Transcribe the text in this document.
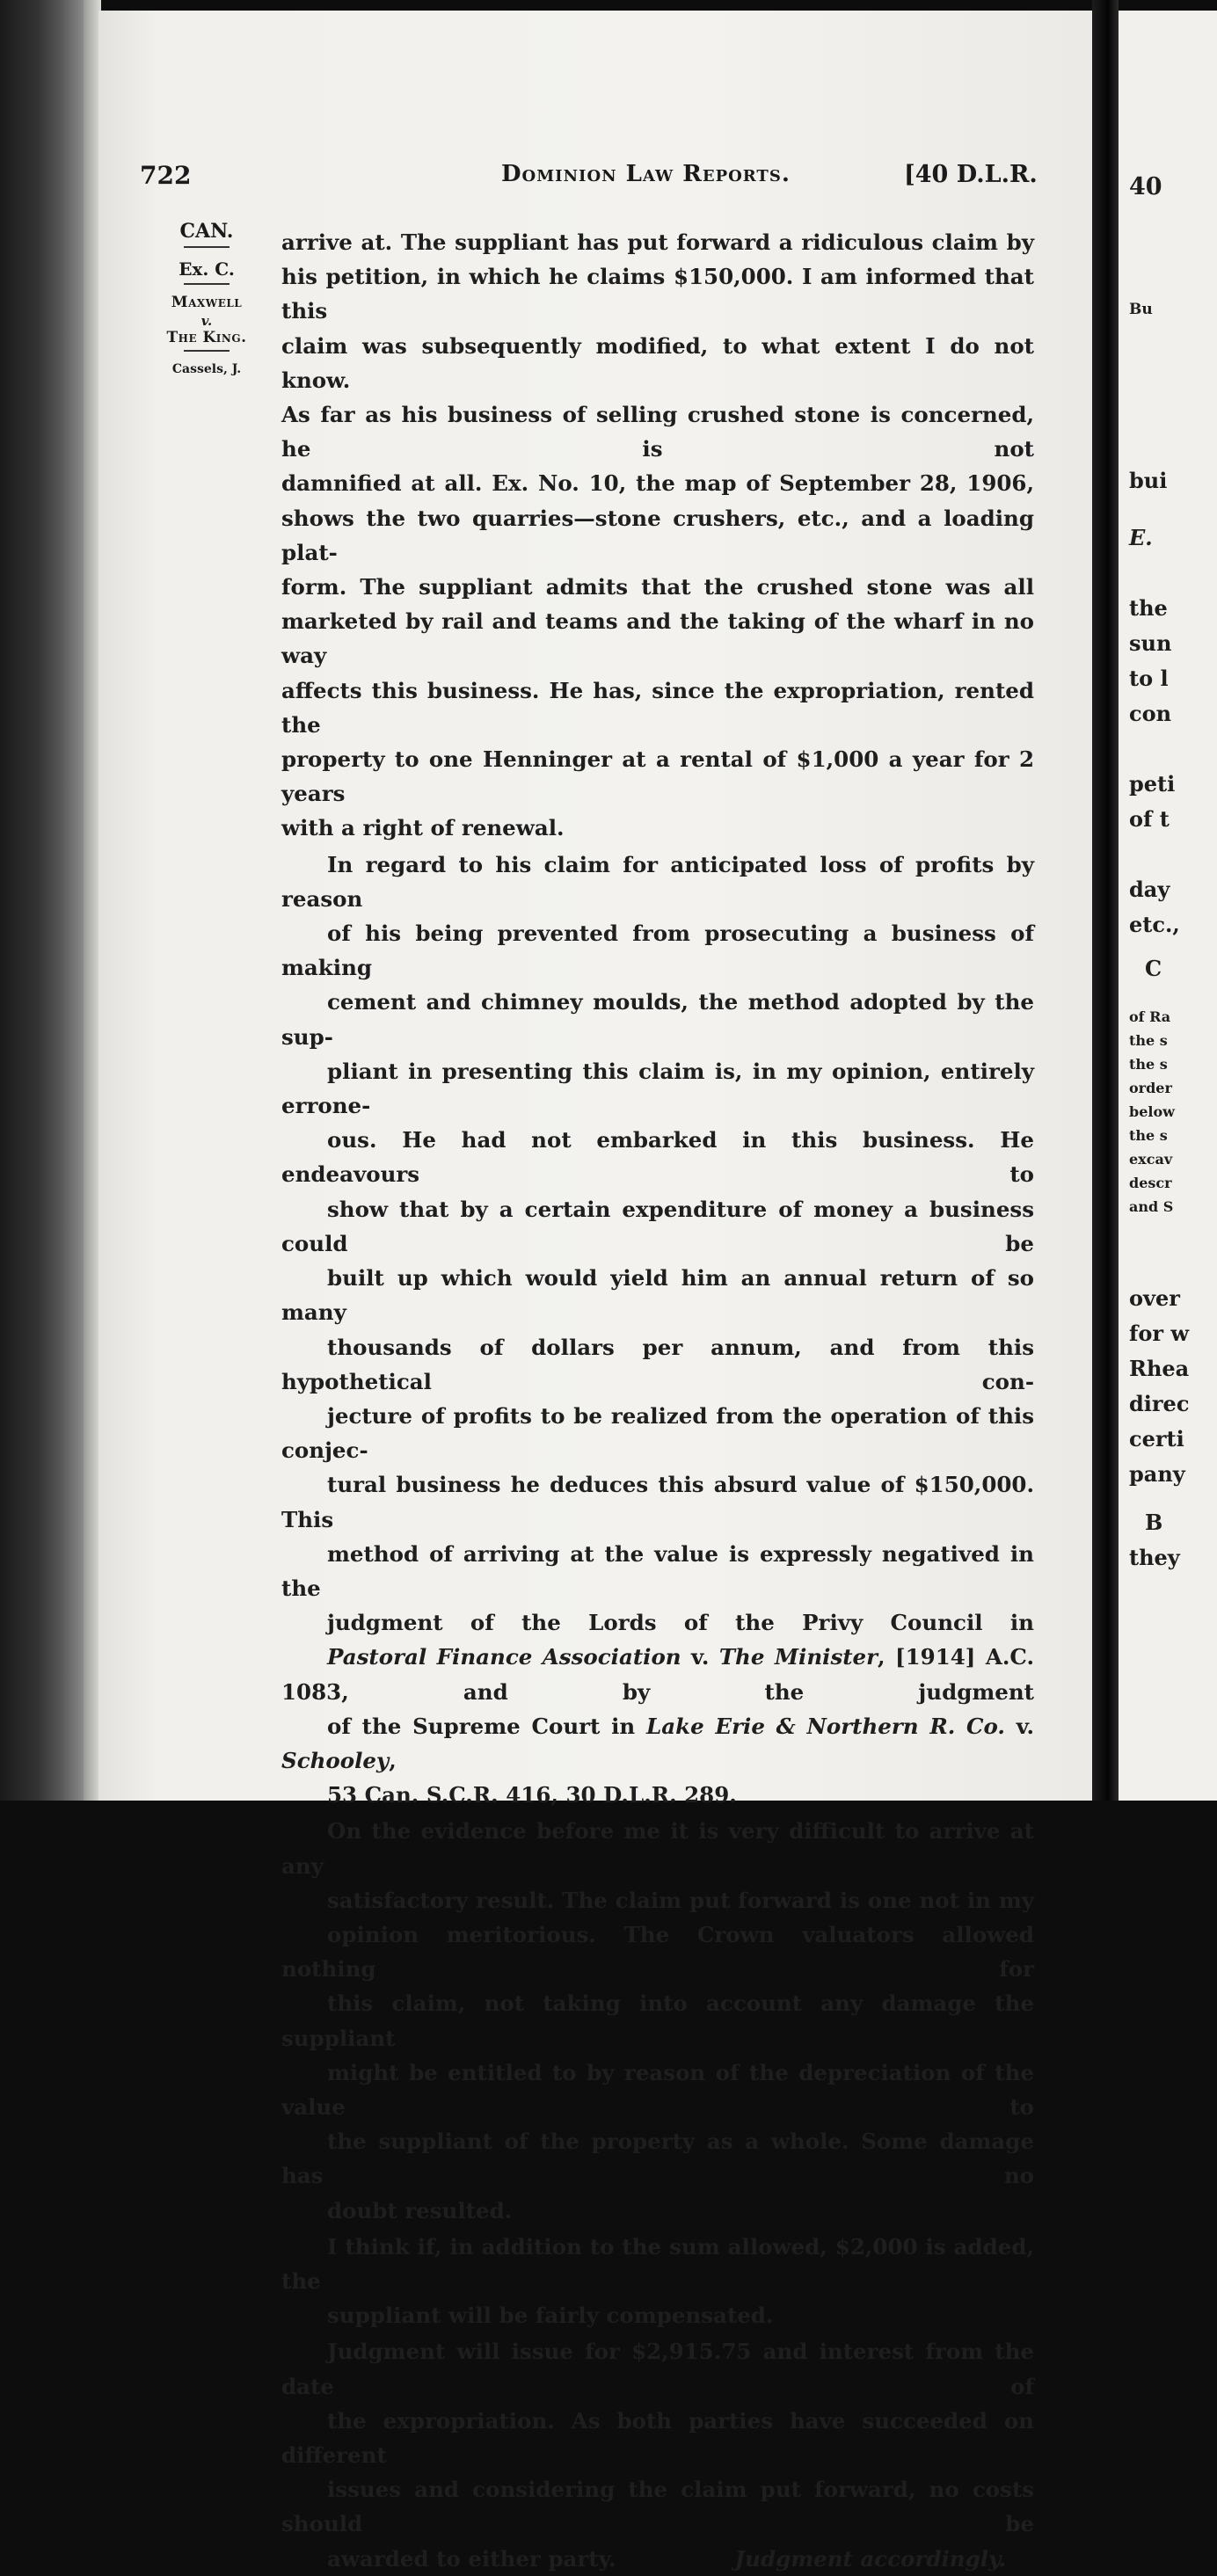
40
Bu
bui
E.
the
sun
to l
con
peti
of t
day
etc.,
C
over
for w
Rhea
direc
certi
pany
B
they
of Ra
the s
the s
order
below
the s
excav
descr
and S
722	Dominion Law Reports.	[40 D.L.R.
CAN.
Ex. C.
Maxwell
v.
The King.
Cassels, J.

arrive at. The suppliant has put forward a ridiculous claim by
his petition, in which he claims $150,000. I am informed that this
claim was subsequently modified, to what extent I do not know.
As far as his business of selling crushed stone is concerned, he is not
damnified at all. Ex. No. 10, the map of September 28, 1906,
shows the two quarries—stone crushers, etc., and a loading plat-
form. The suppliant admits that the crushed stone was all
marketed by rail and teams and the taking of the wharf in no way
affects this business. He has, since the expropriation, rented the
property to one Henninger at a rental of $1,000 a year for 2 years
with a right of renewal.

In regard to his claim for anticipated loss of profits by reason
of his being prevented from prosecuting a business of making
cement and chimney moulds, the method adopted by the sup-
pliant in presenting this claim is, in my opinion, entirely errone-
ous. He had not embarked in this business. He endeavours to
show that by a certain expenditure of money a business could be
built up which would yield him an annual return of so many
thousands of dollars per annum, and from this hypothetical con-
jecture of profits to be realized from the operation of this conjec-
tural business he deduces this absurd value of $150,000. This
method of arriving at the value is expressly negatived in the
judgment of the Lords of the Privy Council in
Pastoral Finance Association v. The Minister, [1914] A.C. 1083, and by the judgment
of the Supreme Court in Lake Erie & Northern R. Co. v. Schooley,
53 Can. S.C.R. 416, 30 D.L.R. 289.

On the evidence before me it is very difficult to arrive at any
satisfactory result. The claim put forward is one not in my
opinion meritorious. The Crown valuators allowed nothing for
this claim, not taking into account any damage the suppliant
might be entitled to by reason of the depreciation of the value to
the suppliant of the property as a whole. Some damage has no
doubt resulted.

I think if, in addition to the sum allowed, $2,000 is added, the
suppliant will be fairly compensated.

Judgment will issue for $2,915.75 and interest from the date of
the expropriation. As both parties have succeeded on different
issues and considering the claim put forward, no costs should be
awarded to either party.	Judgment accordingly.
